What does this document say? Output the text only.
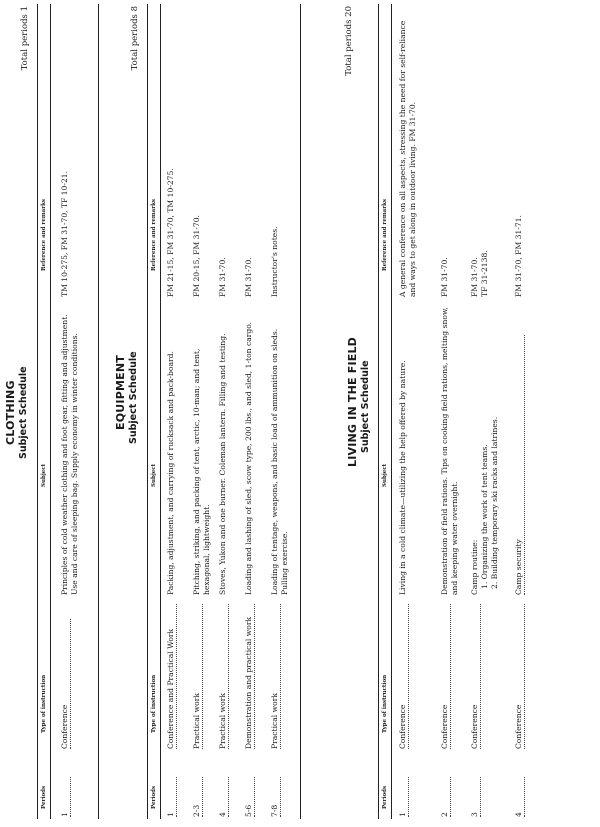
CLOTHING Subject Schedule
Total periods 1
Periods
Type of instruction
Subject
Reference and remarks
1
Conference
Principles of cold weather clothing and foot gear, fitting and adjustment. Use and care of sleeping bag. Supply economy in winter conditions.
TM 10-275, FM 31-70, TF 10-21.
EQUIPMENT Subject Schedule
Total periods 8
Periods
Type of instruction
Subject
Reference and remarks
1
Conference and Practical Work
Packing, adjustment, and carrying of rucksack and pack-board.
FM 21-15, FM 31-70, TM 10-275.
2-3
Practical work
Pitching, striking, and packing of tent, arctic, 10-man; and tent, hexagonal, lightweight.
FM 20-15, FM 31-70.
4
Practical work
Stoves, Yukon and one burner. Coleman lantern. Filling and testing.
FM 31-70.
5-6
Demonstration and practical work
Loading and lashing of sled, scow type, 200 lbs., and sled, 1-ton cargo.
FM 31-70.
7-8
Practical work
Loading of tentage, weapons, and basic load of ammunition on sleds. Pulling exercise.
Instructor's notes.
LIVING IN THE FIELD Subject Schedule
Total periods 20
Periods
Type of instruction
Subject
Reference and remarks
1
Conference
Living in a cold climate—utilizing the help offered by nature.
A general conference on all aspects, stressing the need for self-reliance and ways to get along in outdoor living. FM 31-70.
2
Conference
Demonstration of field rations. Tips on cooking field rations, melting snow, and keeping water overnight.
FM 31-70.
3
Conference
Camp routine: 1. Organizing the work of tent teams. 2. Building temporary ski racks and latrines.
FM 31-70. TF 31-2138.
4
Conference
Camp security
FM 31-70, FM 31-71.
